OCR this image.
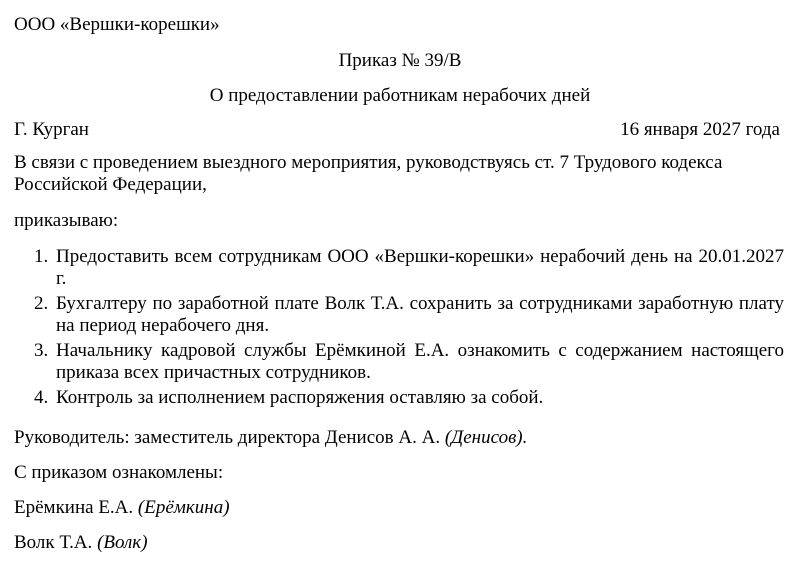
ООО «Вершки-корешки»
Приказ № 39/В
О предоставлении работникам нерабочих дней
Г. Курган	16 января 2027 года
В связи с проведением выездного мероприятия, руководствуясь ст. 7 Трудового кодекса Российской Федерации,
приказываю:
1. Предоставить всем сотрудникам ООО «Вершки-корешки» нерабочий день на 20.01.2027 г.
2. Бухгалтеру по заработной плате Волк Т.А. сохранить за сотрудниками заработную плату на период нерабочего дня.
3. Начальнику кадровой службы Ерёмкиной Е.А. ознакомить с содержанием настоящего приказа всех причастных сотрудников.
4. Контроль за исполнением распоряжения оставляю за собой.
Руководитель: заместитель директора Денисов А. А. (Денисов).
С приказом ознакомлены:
Ерёмкина Е.А. (Ерёмкина)
Волк Т.А. (Волк)
